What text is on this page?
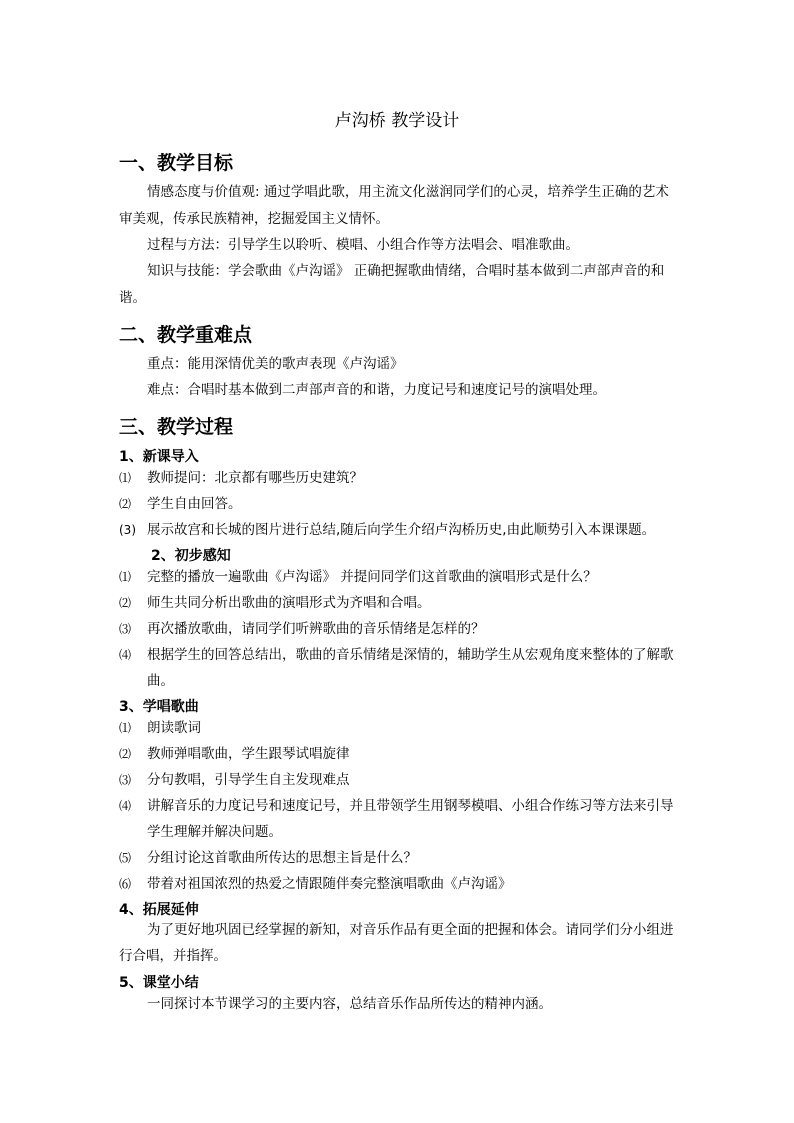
卢沟桥 教学设计
一、教学目标
情感态度与价值观: 通过学唱此歌，用主流文化滋润同学们的心灵，培养学生正确的艺术审美观，传承民族精神，挖掘爱国主义情怀。
过程与方法：引导学生以聆听、模唱、小组合作等方法唱会、唱准歌曲。
知识与技能：学会歌曲《卢沟谣》 正确把握歌曲情绪，合唱时基本做到二声部声音的和谐。
二、教学重难点
重点：能用深情优美的歌声表现《卢沟谣》
难点：合唱时基本做到二声部声音的和谐，力度记号和速度记号的演唱处理。
三、教学过程
1、新课导入
⑴	教师提问：北京都有哪些历史建筑？
⑵	学生自由回答。
(3) 展示故宫和长城的图片进行总结,随后向学生介绍卢沟桥历史,由此顺势引入本课课题。
2、初步感知
⑴	完整的播放一遍歌曲《卢沟谣》 并提问同学们这首歌曲的演唱形式是什么？
⑵	师生共同分析出歌曲的演唱形式为齐唱和合唱。
⑶	再次播放歌曲，请同学们听辨歌曲的音乐情绪是怎样的？
⑷	根据学生的回答总结出，歌曲的音乐情绪是深情的，辅助学生从宏观角度来整体的了解歌曲。
3、学唱歌曲
⑴	朗读歌词
⑵	教师弹唱歌曲，学生跟琴试唱旋律
⑶	分句教唱，引导学生自主发现难点
⑷	讲解音乐的力度记号和速度记号，并且带领学生用钢琴模唱、小组合作练习等方法来引导学生理解并解决问题。
⑸	分组讨论这首歌曲所传达的思想主旨是什么？
⑹	带着对祖国浓烈的热爱之情跟随伴奏完整演唱歌曲《卢沟谣》
4、拓展延伸
为了更好地巩固已经掌握的新知，对音乐作品有更全面的把握和体会。请同学们分小组进行合唱，并指挥。
5、课堂小结
一同探讨本节课学习的主要内容，总结音乐作品所传达的精神内涵。
